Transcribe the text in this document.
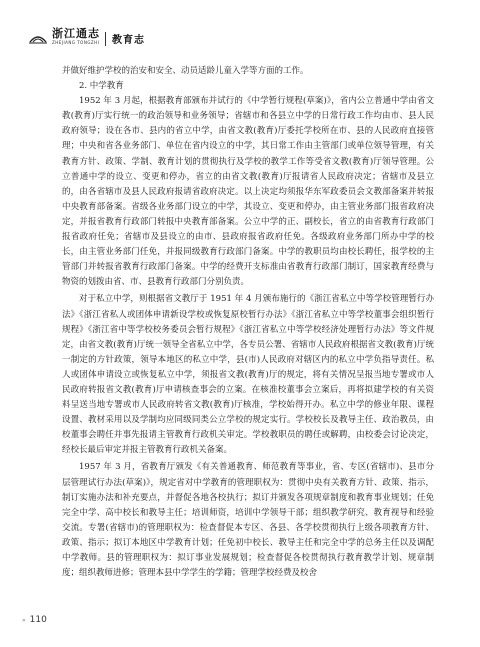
浙江通志
ZHEJIANG TONGZHI 教育志

并做好维护学校的治安和安全、动员适龄儿童入学等方面的工作。

2. 中学教育

1952 年 3 月起，根据教育部颁布并试行的《中学暂行规程(草案)》，省内公立普通中学由省文教(教育)厅实行统一的政治领导和业务领导；省辖市和各县立中学的日常行政工作均由市、县人民政府领导；设在各市、县内的省立中学，由省文教(教育)厅委托学校所在市、县的人民政府直接管理；中央和省各业务部门、单位在省内设立的中学，其日常工作由主管部门或单位领导管理，有关教育方针、政策、学制、教育计划的贯彻执行及学校的教学工作等受省文教(教育)厅领导管理。公立普通中学的设立、变更和停办，省立的由省文教(教育)厅报请省人民政府决定；省辖市及县立的，由各省辖市及县人民政府报请省政府决定。以上决定均须报华东军政委员会文教部备案并转报中央教育部备案。省级各业务部门设立的中学，其设立、变更和停办，由主管业务部门报省政府决定，并报省教育行政部门转报中央教育部备案。公立中学的正、副校长，省立的由省教育行政部门报省政府任免；省辖市及县设立的由市、县政府报省政府任免。各级政府业务部门所办中学的校长，由主管业务部门任免，并报同级教育行政部门备案。中学的教职员均由校长聘任，报学校的主管部门并转报省教育行政部门备案。中学的经费开支标准由省教育行政部门制订，国家教育经费与物资的划拨由省、市、县教育行政部门分别负责。

对于私立中学，则根据省文教厅于 1951 年 4 月颁布施行的《浙江省私立中等学校管理暂行办法》《浙江省私人或团体申请新设学校或恢复原校暂行办法》《浙江省私立中等学校董事会组织暂行规程》《浙江省中等学校校务委员会暂行规程》《浙江省私立中等学校经济处理暂行办法》等文件规定，由省文教(教育)厅统一领导全省私立中学，各专员公署、省辖市人民政府根据省文教(教育)厅统一制定的方针政策，领导本地区的私立中学，县(市)人民政府对辖区内的私立中学负指导责任。私人或团体申请设立或恢复私立中学，须报省文教(教育)厅的规定，将有关情况呈报当地专署或市人民政府转报省文教(教育)厅申请核查事会的立案。在核准校董事会立案后，再将拟建学校的有关资料呈送当地专署或市人民政府转省文教(教育)厅核准，学校始得开办。私立中学的修业年限、课程设置、教材采用以及学制均应同级同类公立学校的规定实行。学校校长及教导主任、政治教员，由校董事会聘任并事先报请主管教育行政机关审定。学校教职员的聘任或解聘，由校委会讨论决定，经校长最后审定并报主管教育行政机关备案。

1957 年 3 月，省教育厅颁发《有关普通教育、师范教育等事业，省、专区(省辖市)、县市分层管理试行办法(草案)》，规定省对中学教育的管理职权为：贯彻中央有关教育方针、政策、指示，制订实施办法和补充要点，并督促各地各校执行；拟订并颁发各项规章制度和教育事业规划；任免完全中学、高中校长和教导主任；培训师资，培训中学领导干部；组织教学研究、教育视导和经验交流。专署(省辖市)的管理职权为：检查督促本专区、各县、各学校贯彻执行上级各项教育方针、政策、指示；拟订本地区中学教育计划；任免初中校长、教导主任和完全中学的总务主任以及调配中学教师。县的管理职权为：拟订事业发展规划；检查督促各校贯彻执行教育教学计划、规章制度；组织教师进修；管理本县中学学生的学籍；管理学校经费及校舍

» 110
